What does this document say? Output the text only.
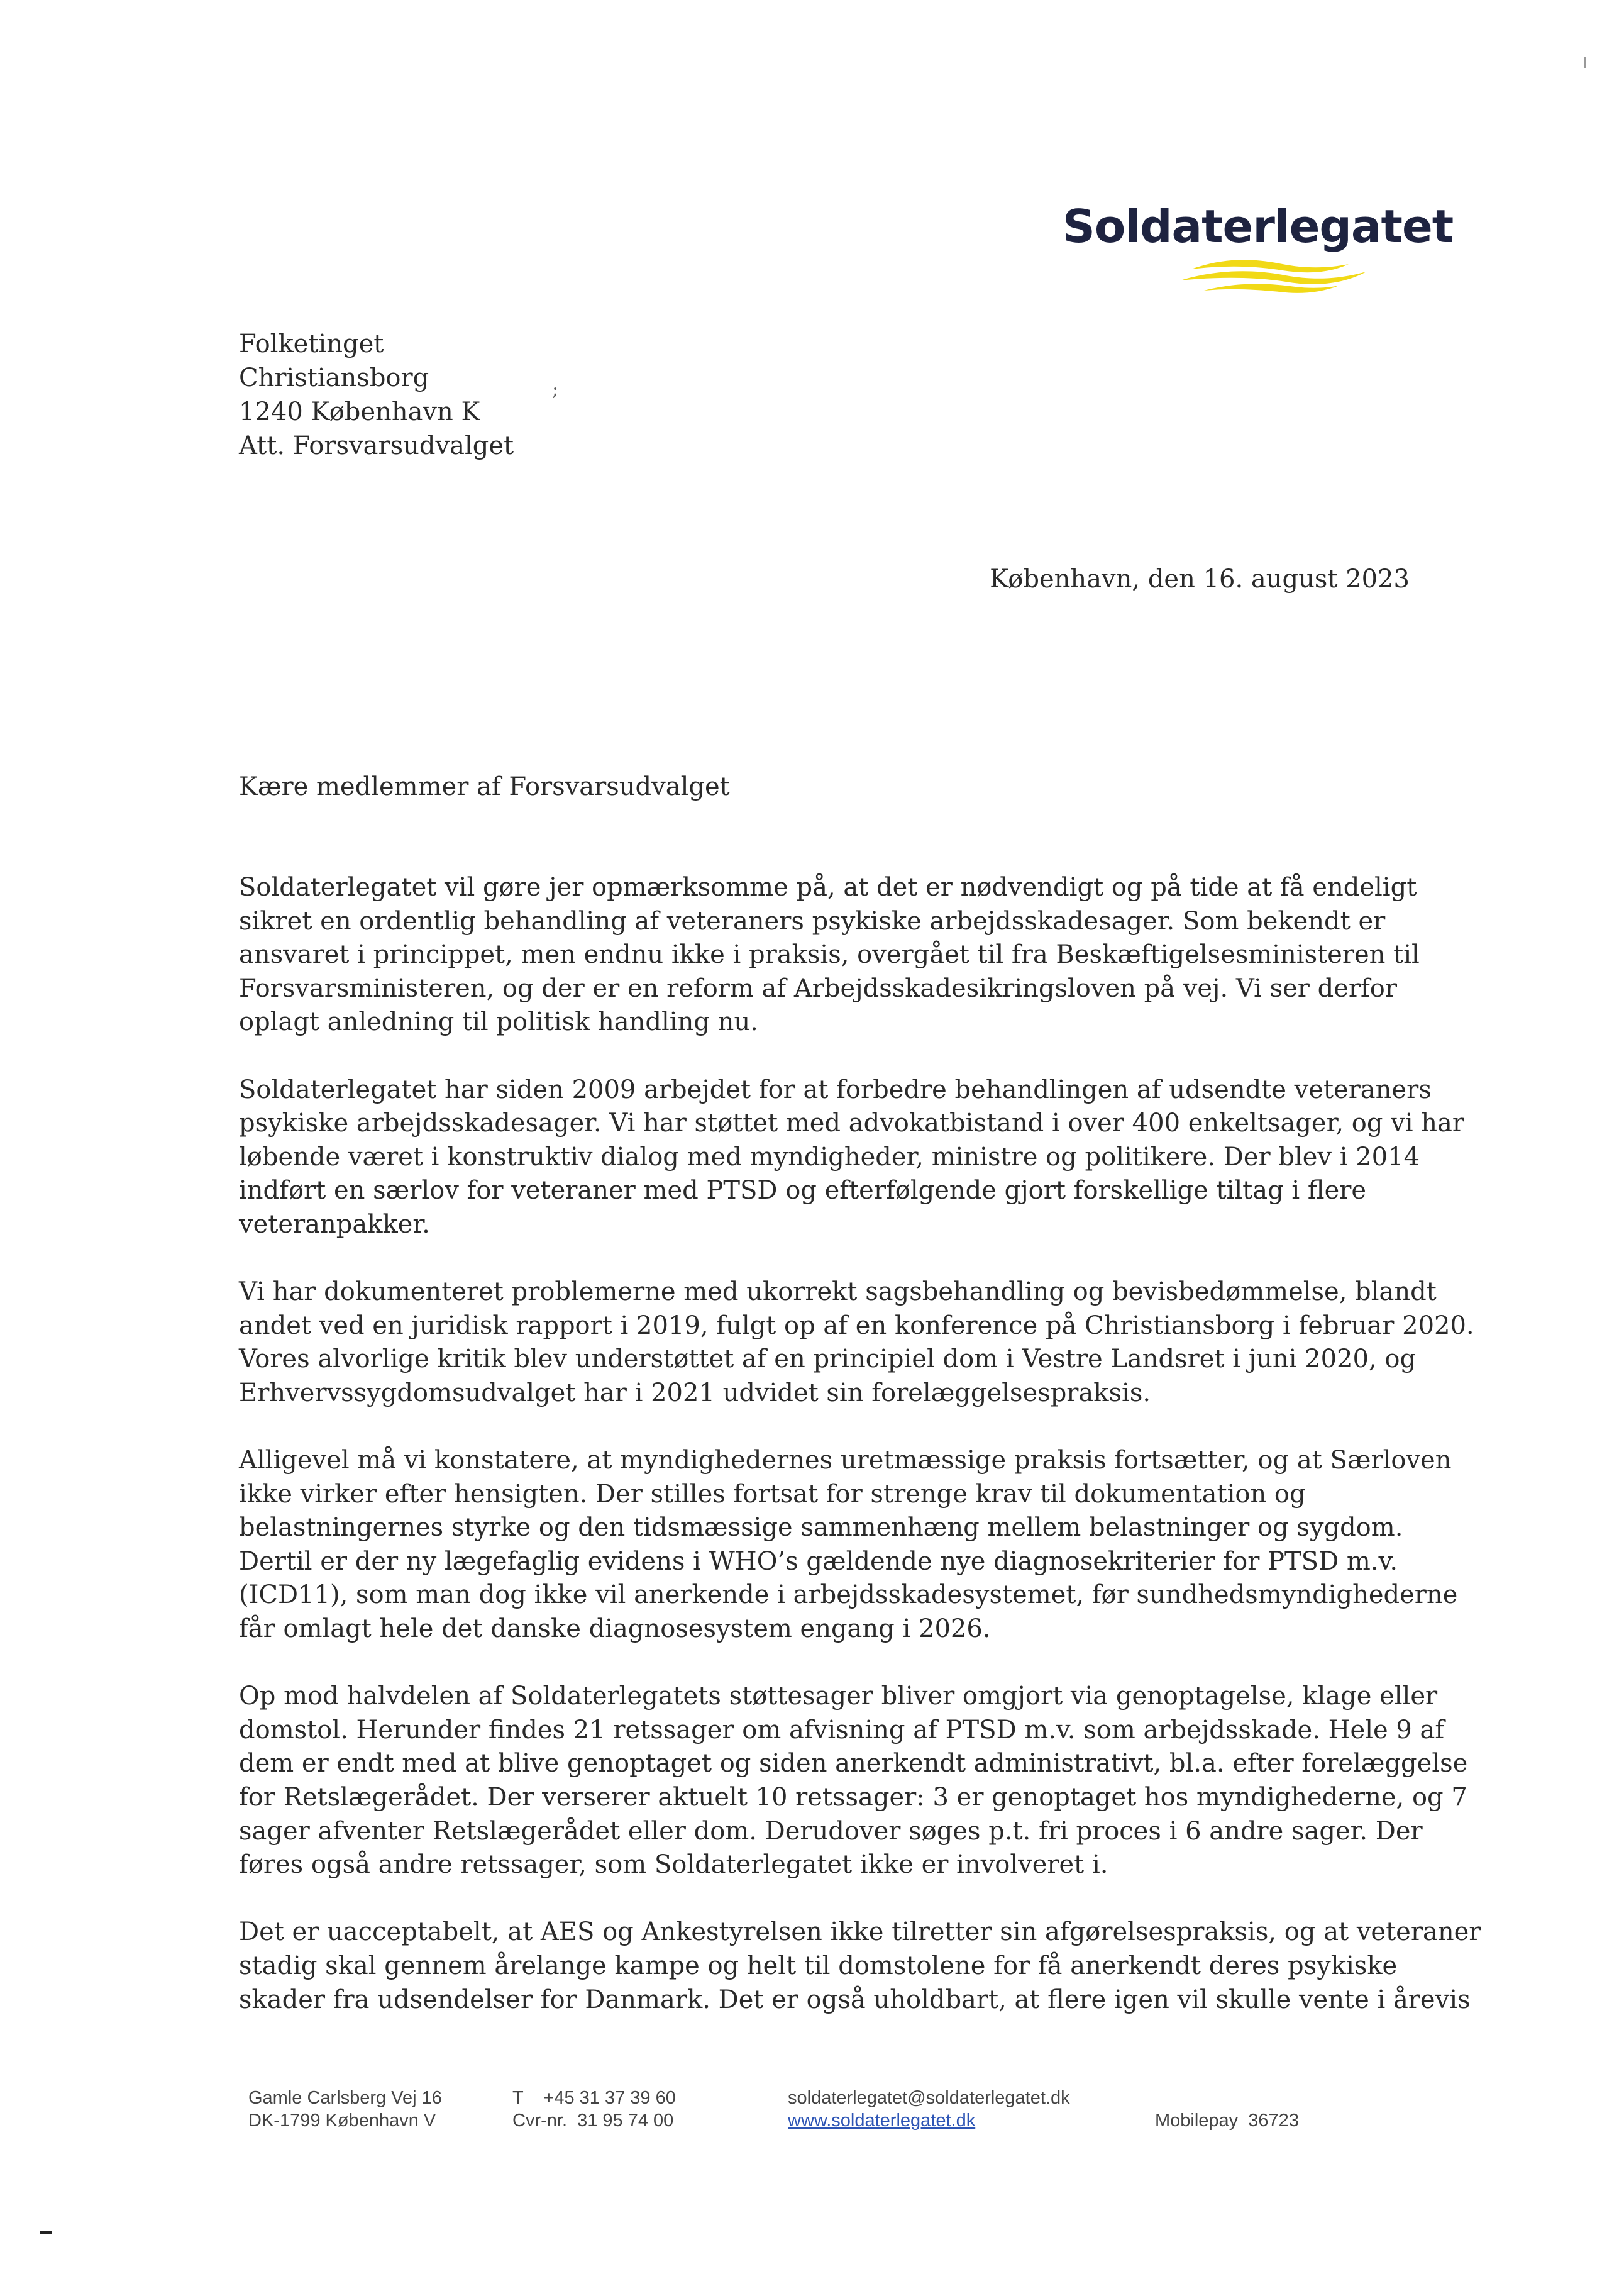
Soldaterlegatet
Folketinget
Christiansborg
1240 København K
Att. Forsvarsudvalget
;
København, den 16. august 2023
Kære medlemmer af Forsvarsudvalget

Soldaterlegatet vil gøre jer opmærksomme på, at det er nødvendigt og på tide at få endeligt
sikret en ordentlig behandling af veteraners psykiske arbejdsskadesager. Som bekendt er
ansvaret i princippet, men endnu ikke i praksis, overgået til fra Beskæftigelsesministeren til
Forsvarsministeren, og der er en reform af Arbejdsskadesikringsloven på vej. Vi ser derfor
oplagt anledning til politisk handling nu.

Soldaterlegatet har siden 2009 arbejdet for at forbedre behandlingen af udsendte veteraners
psykiske arbejdsskadesager. Vi har støttet med advokatbistand i over 400 enkeltsager, og vi har
løbende været i konstruktiv dialog med myndigheder, ministre og politikere. Der blev i 2014
indført en særlov for veteraner med PTSD og efterfølgende gjort forskellige tiltag i flere
veteranpakker.

Vi har dokumenteret problemerne med ukorrekt sagsbehandling og bevisbedømmelse, blandt
andet ved en juridisk rapport i 2019, fulgt op af en konference på Christiansborg i februar 2020.
Vores alvorlige kritik blev understøttet af en principiel dom i Vestre Landsret i juni 2020, og
Erhvervssygdomsudvalget har i 2021 udvidet sin forelæggelsespraksis.

Alligevel må vi konstatere, at myndighedernes uretmæssige praksis fortsætter, og at Særloven
ikke virker efter hensigten. Der stilles fortsat for strenge krav til dokumentation og
belastningernes styrke og den tidsmæssige sammenhæng mellem belastninger og sygdom.
Dertil er der ny lægefaglig evidens i WHO’s gældende nye diagnosekriterier for PTSD m.v.
(ICD11), som man dog ikke vil anerkende i arbejdsskadesystemet, før sundhedsmyndighederne
får omlagt hele det danske diagnosesystem engang i 2026.

Op mod halvdelen af Soldaterlegatets støttesager bliver omgjort via genoptagelse, klage eller
domstol. Herunder findes 21 retssager om afvisning af PTSD m.v. som arbejdsskade. Hele 9 af
dem er endt med at blive genoptaget og siden anerkendt administrativt, bl.a. efter forelæggelse
for Retslægerådet. Der verserer aktuelt 10 retssager: 3 er genoptaget hos myndighederne, og 7
sager afventer Retslægerådet eller dom. Derudover søges p.t. fri proces i 6 andre sager. Der
føres også andre retssager, som Soldaterlegatet ikke er involveret i.

Det er uacceptabelt, at AES og Ankestyrelsen ikke tilretter sin afgørelsespraksis, og at veteraner
stadig skal gennem årelange kampe og helt til domstolene for få anerkendt deres psykiske
skader fra udsendelser for Danmark. Det er også uholdbart, at flere igen vil skulle vente i årevis

Gamle Carlsberg Vej 16
DK-1799 København V
T    +45 31 37 39 60
Cvr-nr.  31 95 74 00
soldaterlegatet@soldaterlegatet.dk
www.soldaterlegatet.dk	Mobilepay  36723
